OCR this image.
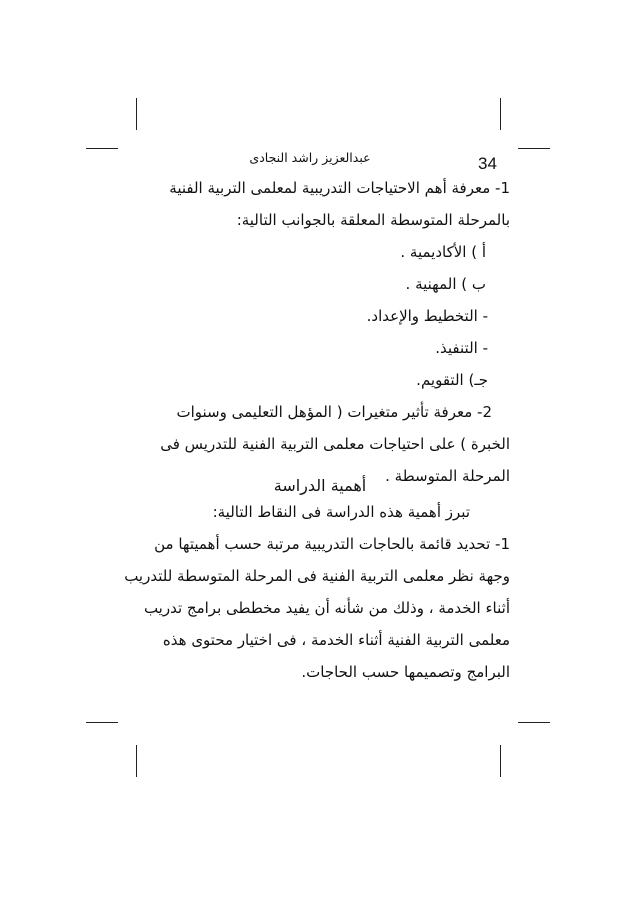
34
عبدالعزيز راشد النجادى
1- معرفة أهم الاحتياجات التدريبية لمعلمى التربية الفنية
بالمرحلة المتوسطة المعلقة بالجوانب التالية:
أ ) الأكاديمية .
ب ) المهنية .
- التخطيط والإعداد.
- التنفيذ.
جـ) التقويم.
2- معرفة تأثير متغيرات ( المؤهل التعليمى وسنوات
الخبرة ) على احتياجات معلمى التربية الفنية للتدريس فى
المرحلة المتوسطة .
أهمية الدراسة
تبرز أهمية هذه الدراسة فى النقاط التالية:
1- تحديد قائمة بالحاجات التدريبية مرتبة حسب أهميتها من
وجهة نظر معلمى التربية الفنية فى المرحلة المتوسطة للتدريب
أثناء الخدمة ، وذلك من شأنه أن يفيد مخططى برامج تدريب
معلمى التربية الفنية أثناء الخدمة ، فى اختيار محتوى هذه
البرامج وتصميمها حسب الحاجات.
